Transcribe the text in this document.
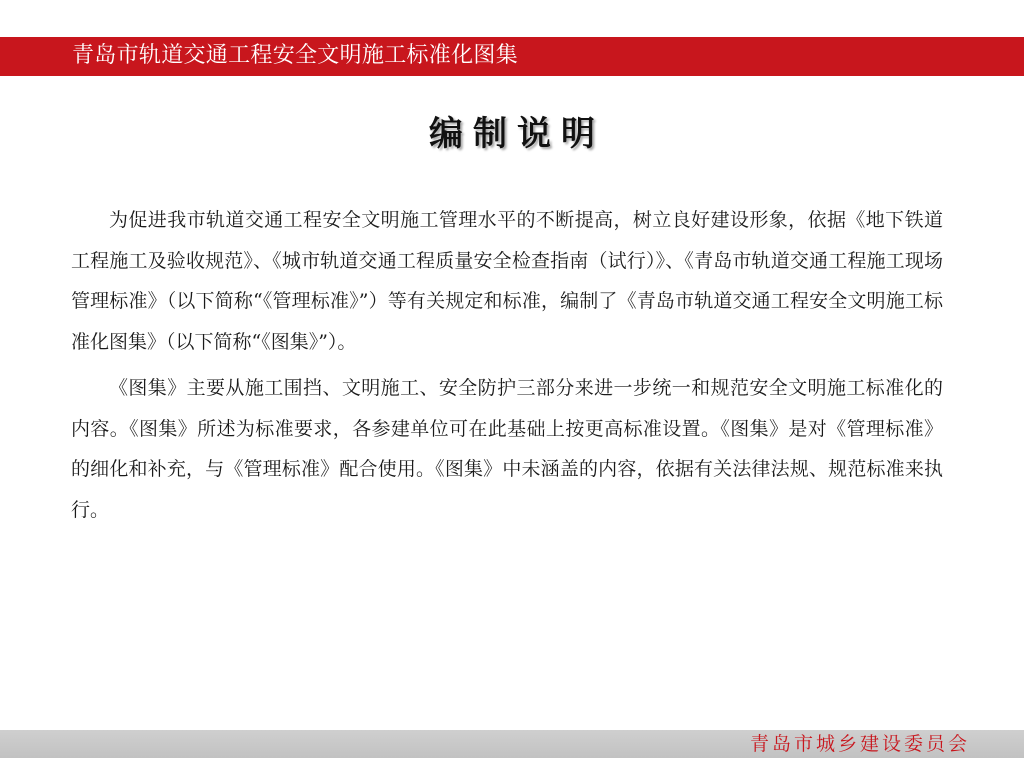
青岛市轨道交通工程安全文明施工标准化图集
编制说明

为促进我市轨道交通工程安全文明施工管理水平的不断提高，树立良好建设形象，依据《地下铁道工程施工及验收规范》、《城市轨道交通工程质量安全检查指南（试行）》、《青岛市轨道交通工程施工现场管理标准》（以下简称“《管理标准》”）等有关规定和标准，编制了《青岛市轨道交通工程安全文明施工标准化图集》（以下简称“《图集》”）。

《图集》主要从施工围挡、文明施工、安全防护三部分来进一步统一和规范安全文明施工标准化的内容。《图集》所述为标准要求，各参建单位可在此基础上按更高标准设置。《图集》是对《管理标准》的细化和补充，与《管理标准》配合使用。《图集》中未涵盖的内容，依据有关法律法规、规范标准来执行。

青岛市城乡建设委员会
